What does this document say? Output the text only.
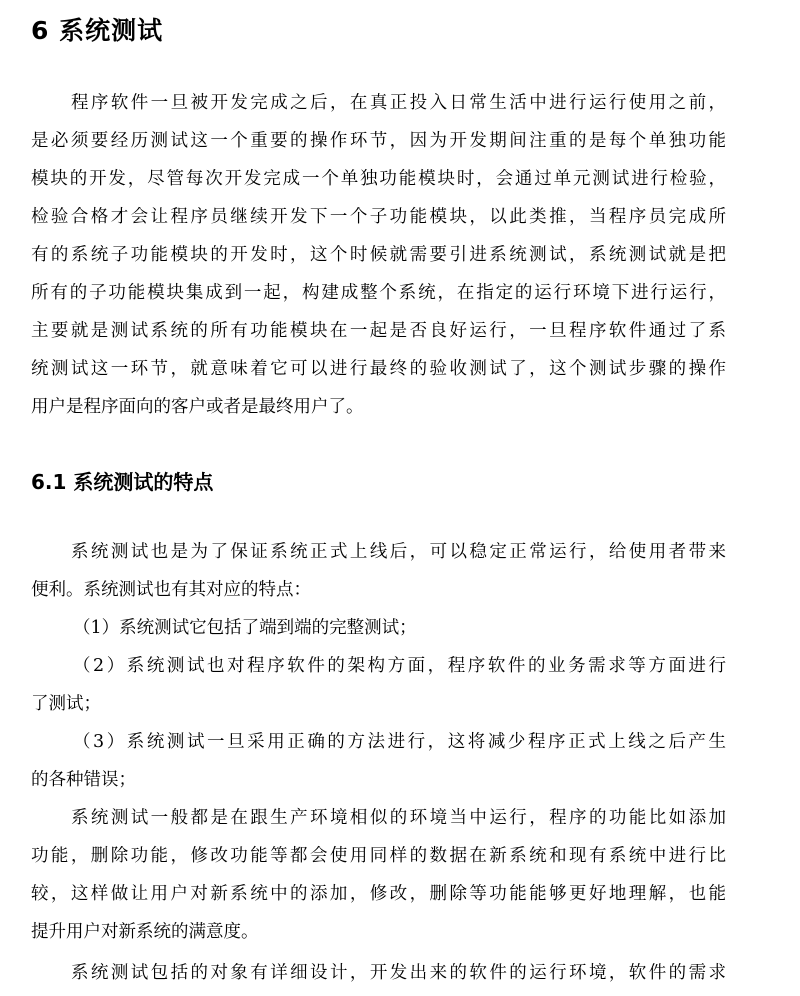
6 系统测试
程序软件一旦被开发完成之后，在真正投入日常生活中进行运行使用之前，
是必须要经历测试这一个重要的操作环节，因为开发期间注重的是每个单独功能
模块的开发，尽管每次开发完成一个单独功能模块时，会通过单元测试进行检验，
检验合格才会让程序员继续开发下一个子功能模块，以此类推，当程序员完成所
有的系统子功能模块的开发时，这个时候就需要引进系统测试，系统测试就是把
所有的子功能模块集成到一起，构建成整个系统，在指定的运行环境下进行运行，
主要就是测试系统的所有功能模块在一起是否良好运行，一旦程序软件通过了系
统测试这一环节，就意味着它可以进行最终的验收测试了，这个测试步骤的操作
用户是程序面向的客户或者是最终用户了。
6.1 系统测试的特点
系统测试也是为了保证系统正式上线后，可以稳定正常运行，给使用者带来
便利。系统测试也有其对应的特点：
（1）系统测试它包括了端到端的完整测试；
（2）系统测试也对程序软件的架构方面，程序软件的业务需求等方面进行
了测试；
（3）系统测试一旦采用正确的方法进行，这将减少程序正式上线之后产生
的各种错误；
系统测试一般都是在跟生产环境相似的环境当中运行，程序的功能比如添加
功能，删除功能，修改功能等都会使用同样的数据在新系统和现有系统中进行比
较，这样做让用户对新系统中的添加，修改，删除等功能能够更好地理解，也能
提升用户对新系统的满意度。
系统测试包括的对象有详细设计，开发出来的软件的运行环境，软件的需求
